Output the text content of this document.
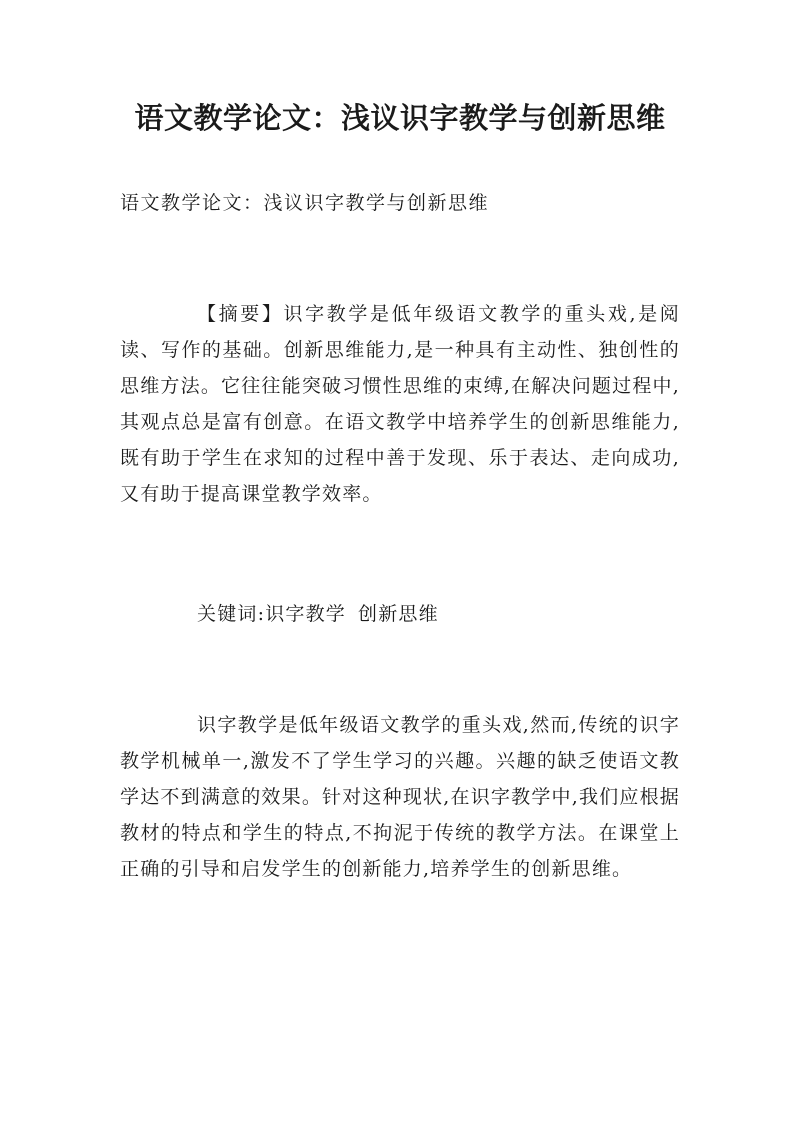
语文教学论文：浅议识字教学与创新思维
语文教学论文：浅议识字教学与创新思维

【摘要】识字教学是低年级语文教学的重头戏,是阅读、写作的基础。创新思维能力,是一种具有主动性、独创性的思维方法。它往往能突破习惯性思维的束缚,在解决问题过程中,其观点总是富有创意。在语文教学中培养学生的创新思维能力,既有助于学生在求知的过程中善于发现、乐于表达、走向成功,又有助于提高课堂教学效率。

关键词:识字教学 创新思维

识字教学是低年级语文教学的重头戏,然而,传统的识字教学机械单一,激发不了学生学习的兴趣。兴趣的缺乏使语文教学达不到满意的效果。针对这种现状,在识字教学中,我们应根据教材的特点和学生的特点,不拘泥于传统的教学方法。在课堂上正确的引导和启发学生的创新能力,培养学生的创新思维。
